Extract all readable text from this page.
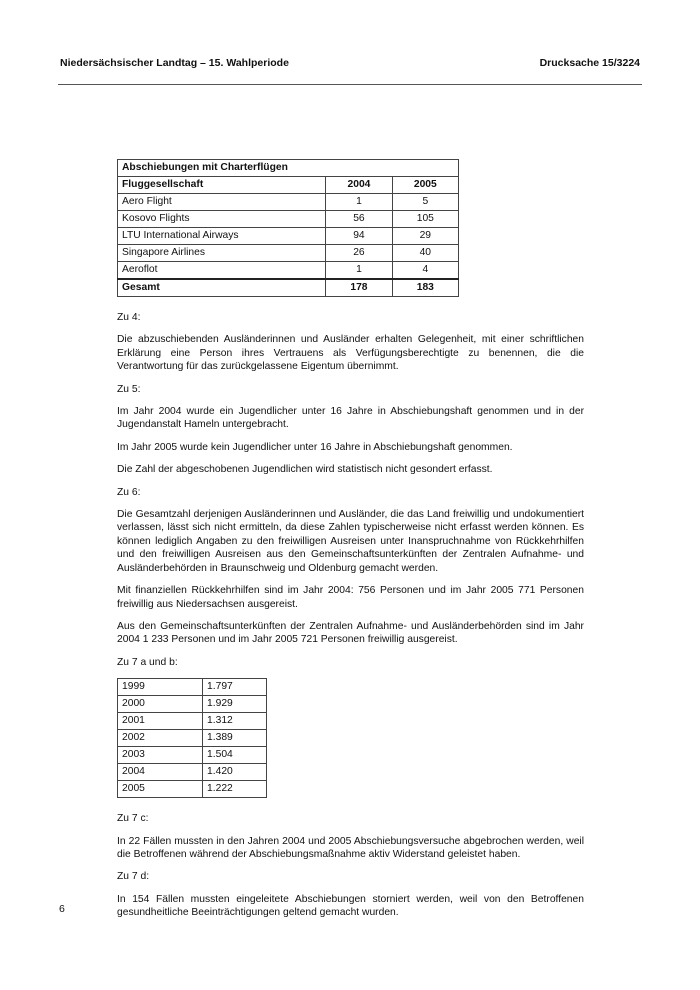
Niedersächsischer Landtag – 15. Wahlperiode	Drucksache 15/3224
Abschiebungen mit Charterflügen		
Fluggesellschaft	2004	2005
Aero Flight	1	5
Kosovo Flights	56	105
LTU International Airways	94	29
Singapore Airlines	26	40
Aeroflot	1	4
Gesamt	178	183

Zu 4:

Die abzuschiebenden Ausländerinnen und Ausländer erhalten Gelegenheit, mit einer schriftlichen Erklärung eine Person ihres Vertrauens als Verfügungsberechtigte zu benennen, die die Verantwortung für das zurückgelassene Eigentum übernimmt.

Zu 5:

Im Jahr 2004 wurde ein Jugendlicher unter 16 Jahre in Abschiebungshaft genommen und in der Jugendanstalt Hameln untergebracht.

Im Jahr 2005 wurde kein Jugendlicher unter 16 Jahre in Abschiebungshaft genommen.

Die Zahl der abgeschobenen Jugendlichen wird statistisch nicht gesondert erfasst.

Zu 6:

Die Gesamtzahl derjenigen Ausländerinnen und Ausländer, die das Land freiwillig und undokumentiert verlassen, lässt sich nicht ermitteln, da diese Zahlen typischerweise nicht erfasst werden können. Es können lediglich Angaben zu den freiwilligen Ausreisen unter Inanspruchnahme von Rückkehrhilfen und den freiwilligen Ausreisen aus den Gemeinschaftsunterkünften der Zentralen Aufnahme- und Ausländerbehörden in Braunschweig und Oldenburg gemacht werden.

Mit finanziellen Rückkehrhilfen sind im Jahr 2004: 756 Personen und im Jahr 2005 771 Personen freiwillig aus Niedersachsen ausgereist.

Aus den Gemeinschaftsunterkünften der Zentralen Aufnahme- und Ausländerbehörden sind im Jahr 2004 1 233 Personen und im Jahr 2005 721 Personen freiwillig ausgereist.

Zu 7 a und b:

1999	1.797
2000	1.929
2001	1.312
2002	1.389
2003	1.504
2004	1.420
2005	1.222

Zu 7 c:

In 22 Fällen mussten in den Jahren 2004 und 2005 Abschiebungsversuche abgebrochen werden, weil die Betroffenen während der Abschiebungsmaßnahme aktiv Widerstand geleistet haben.

Zu 7 d:

In 154 Fällen mussten eingeleitete Abschiebungen storniert werden, weil von den Betroffenen gesundheitliche Beeinträchtigungen geltend gemacht wurden.

6
